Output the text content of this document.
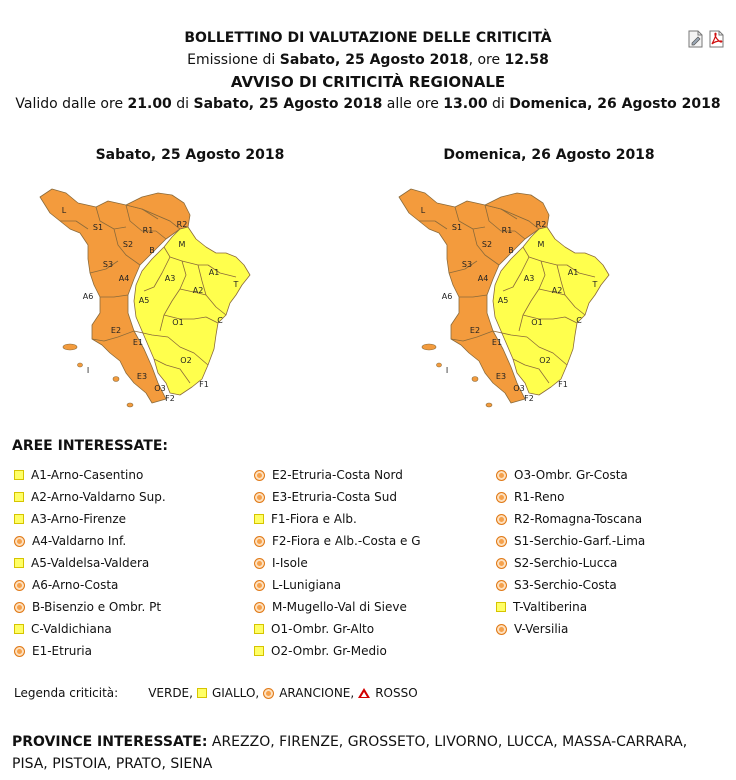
BOLLETTINO DI VALUTAZIONE DELLE CRITICITÀ
Emissione di Sabato, 25 Agosto 2018, ore 12.58
AVVISO DI CRITICITÀ REGIONALE
Valido dalle ore 21.00 di Sabato, 25 Agosto 2018 alle ore 13.00 di Domenica, 26 Agosto 2018
Sabato, 25 Agosto 2018
L
S1	R1
R2
S2
B
M
S3
A1
A4	A3
A2
T
A6	A5
O1	C
E2
E1
I
E3
O2
F1
F2
O3
Domenica, 26 Agosto 2018
L
S1	R1
R2
S2
B
M
S3
A1
A4	A3
A2
T
A6	A5
O1	C
E2
E1
I
E3
O2
F1
F2
O3
AREE INTERESSATE:
A1-Arno-Casentino
A2-Arno-Valdarno Sup.
A3-Arno-Firenze
A4-Valdarno Inf.
A5-Valdelsa-Valdera
A6-Arno-Costa
B-Bisenzio e Ombr. Pt
C-Valdichiana
E1-Etruria
E2-Etruria-Costa Nord
E3-Etruria-Costa Sud
F1-Fiora e Alb.
F2-Fiora e Alb.-Costa e G
I-Isole
L-Lunigiana
M-Mugello-Val di Sieve
O1-Ombr. Gr-Alto
O2-Ombr. Gr-Medio
O3-Ombr. Gr-Costa
R1-Reno
R2-Romagna-Toscana
S1-Serchio-Garf.-Lima
S2-Serchio-Lucca
S3-Serchio-Costa
T-Valtiberina
V-Versilia
Legenda criticità:	VERDE, GIALLO, ARANCIONE, ROSSO
PROVINCE INTERESSATE: AREZZO, FIRENZE, GROSSETO, LIVORNO, LUCCA, MASSA-CARRARA, PISA, PISTOIA, PRATO, SIENA
